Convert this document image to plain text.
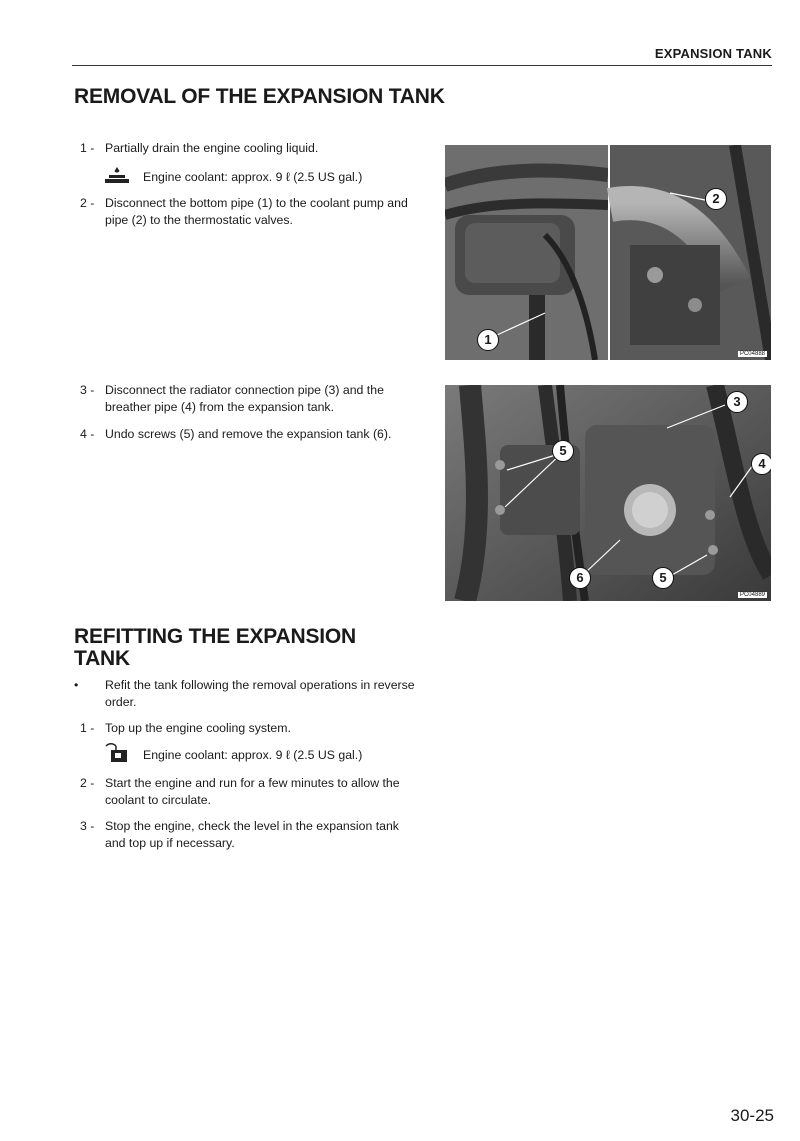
EXPANSION TANK
REMOVAL OF THE EXPANSION TANK
1 - Partially drain the engine cooling liquid.
Engine coolant: approx. 9 ℓ (2.5 US gal.)
2 - Disconnect the bottom pipe (1) to the coolant pump and pipe (2) to the thermostatic valves.
3 - Disconnect the radiator connection pipe (3) and the breather pipe (4) from the expansion tank.
4 - Undo screws (5) and remove the expansion tank (6).
1
2
PC04888
3
4
5
5
6
PC04889
REFITTING THE EXPANSION TANK
• Refit the tank following the removal operations in reverse order.
1 - Top up the engine cooling system.
Engine coolant: approx. 9 ℓ (2.5 US gal.)
2 - Start the engine and run for a few minutes to allow the coolant to circulate.
3 - Stop the engine, check the level in the expansion tank and top up if necessary.
30-25
